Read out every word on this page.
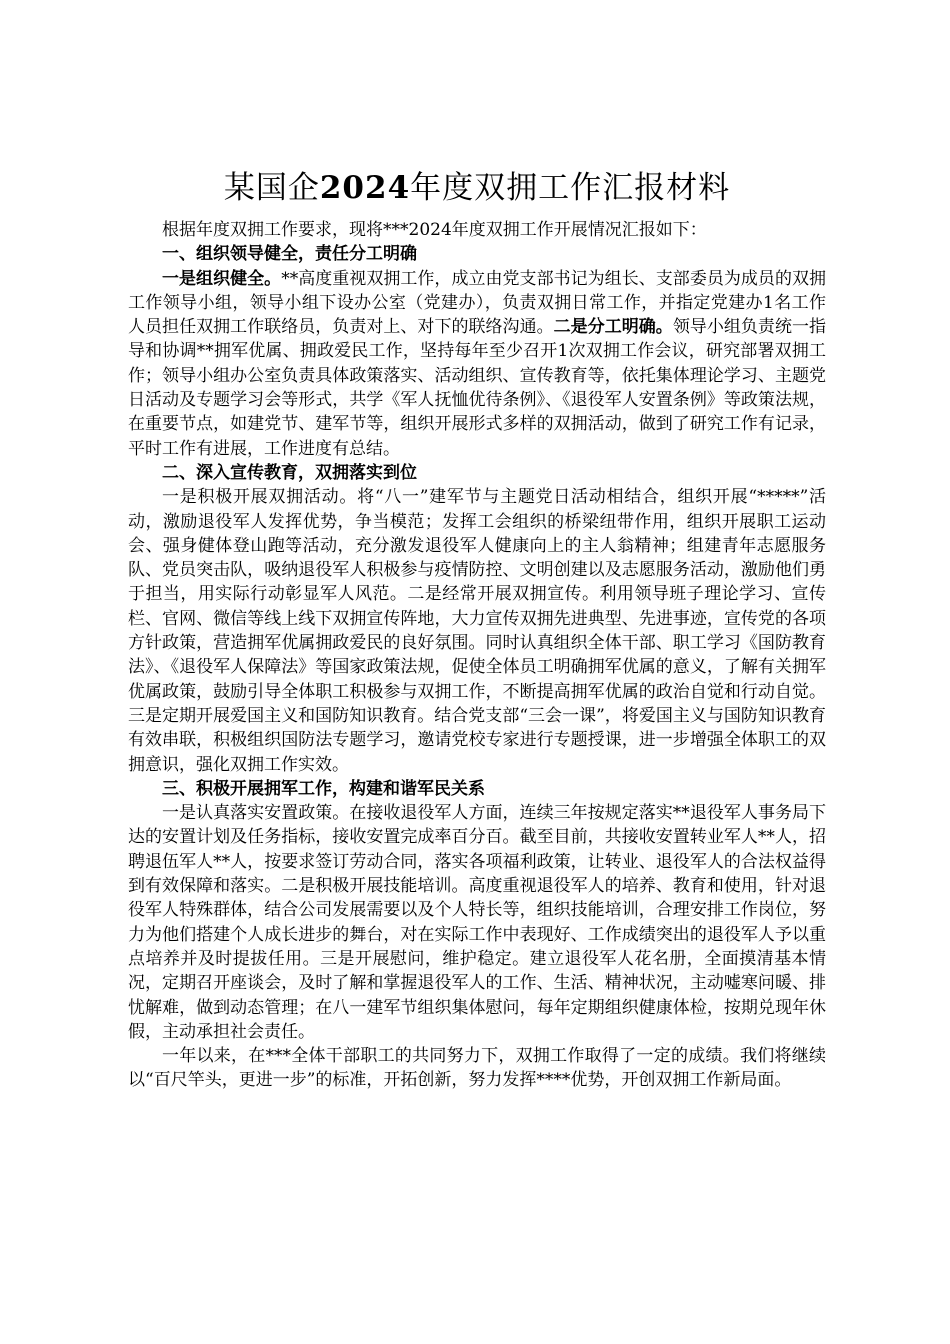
某国企2024年度双拥工作汇报材料

根据年度双拥工作要求，现将***2024年度双拥工作开展情况汇报如下：

一、组织领导健全，责任分工明确

一是组织健全。**高度重视双拥工作，成立由党支部书记为组长、支部委员为成员的双拥工作领导小组，领导小组下设办公室（党建办），负责双拥日常工作，并指定党建办1名工作人员担任双拥工作联络员，负责对上、对下的联络沟通。二是分工明确。领导小组负责统一指导和协调**拥军优属、拥政爱民工作，坚持每年至少召开1次双拥工作会议，研究部署双拥工作；领导小组办公室负责具体政策落实、活动组织、宣传教育等，依托集体理论学习、主题党日活动及专题学习会等形式，共学《军人抚恤优待条例》、《退役军人安置条例》等政策法规，在重要节点，如建党节、建军节等，组织开展形式多样的双拥活动，做到了研究工作有记录，平时工作有进展，工作进度有总结。

二、深入宣传教育，双拥落实到位

一是积极开展双拥活动。将“八一”建军节与主题党日活动相结合，组织开展“*****”活动，激励退役军人发挥优势，争当模范；发挥工会组织的桥梁纽带作用，组织开展职工运动会、强身健体登山跑等活动，充分激发退役军人健康向上的主人翁精神；组建青年志愿服务队、党员突击队，吸纳退役军人积极参与疫情防控、文明创建以及志愿服务活动，激励他们勇于担当，用实际行动彰显军人风范。二是经常开展双拥宣传。利用领导班子理论学习、宣传栏、官网、微信等线上线下双拥宣传阵地，大力宣传双拥先进典型、先进事迹，宣传党的各项方针政策，营造拥军优属拥政爱民的良好氛围。同时认真组织全体干部、职工学习《国防教育法》、《退役军人保障法》等国家政策法规，促使全体员工明确拥军优属的意义，了解有关拥军优属政策，鼓励引导全体职工积极参与双拥工作，不断提高拥军优属的政治自觉和行动自觉。三是定期开展爱国主义和国防知识教育。结合党支部“三会一课”，将爱国主义与国防知识教育有效串联，积极组织国防法专题学习，邀请党校专家进行专题授课，进一步增强全体职工的双拥意识，强化双拥工作实效。

三、积极开展拥军工作，构建和谐军民关系

一是认真落实安置政策。在接收退役军人方面，连续三年按规定落实**退役军人事务局下达的安置计划及任务指标，接收安置完成率百分百。截至目前，共接收安置转业军人**人，招聘退伍军人**人，按要求签订劳动合同，落实各项福利政策，让转业、退役军人的合法权益得到有效保障和落实。二是积极开展技能培训。高度重视退役军人的培养、教育和使用，针对退役军人特殊群体，结合公司发展需要以及个人特长等，组织技能培训，合理安排工作岗位，努力为他们搭建个人成长进步的舞台，对在实际工作中表现好、工作成绩突出的退役军人予以重点培养并及时提拔任用。三是开展慰问，维护稳定。建立退役军人花名册，全面摸清基本情况，定期召开座谈会，及时了解和掌握退役军人的工作、生活、精神状况，主动嘘寒问暖、排忧解难，做到动态管理；在八一建军节组织集体慰问，每年定期组织健康体检，按期兑现年休假，主动承担社会责任。

一年以来，在***全体干部职工的共同努力下，双拥工作取得了一定的成绩。我们将继续以“百尺竿头，更进一步”的标准，开拓创新，努力发挥****优势，开创双拥工作新局面。
